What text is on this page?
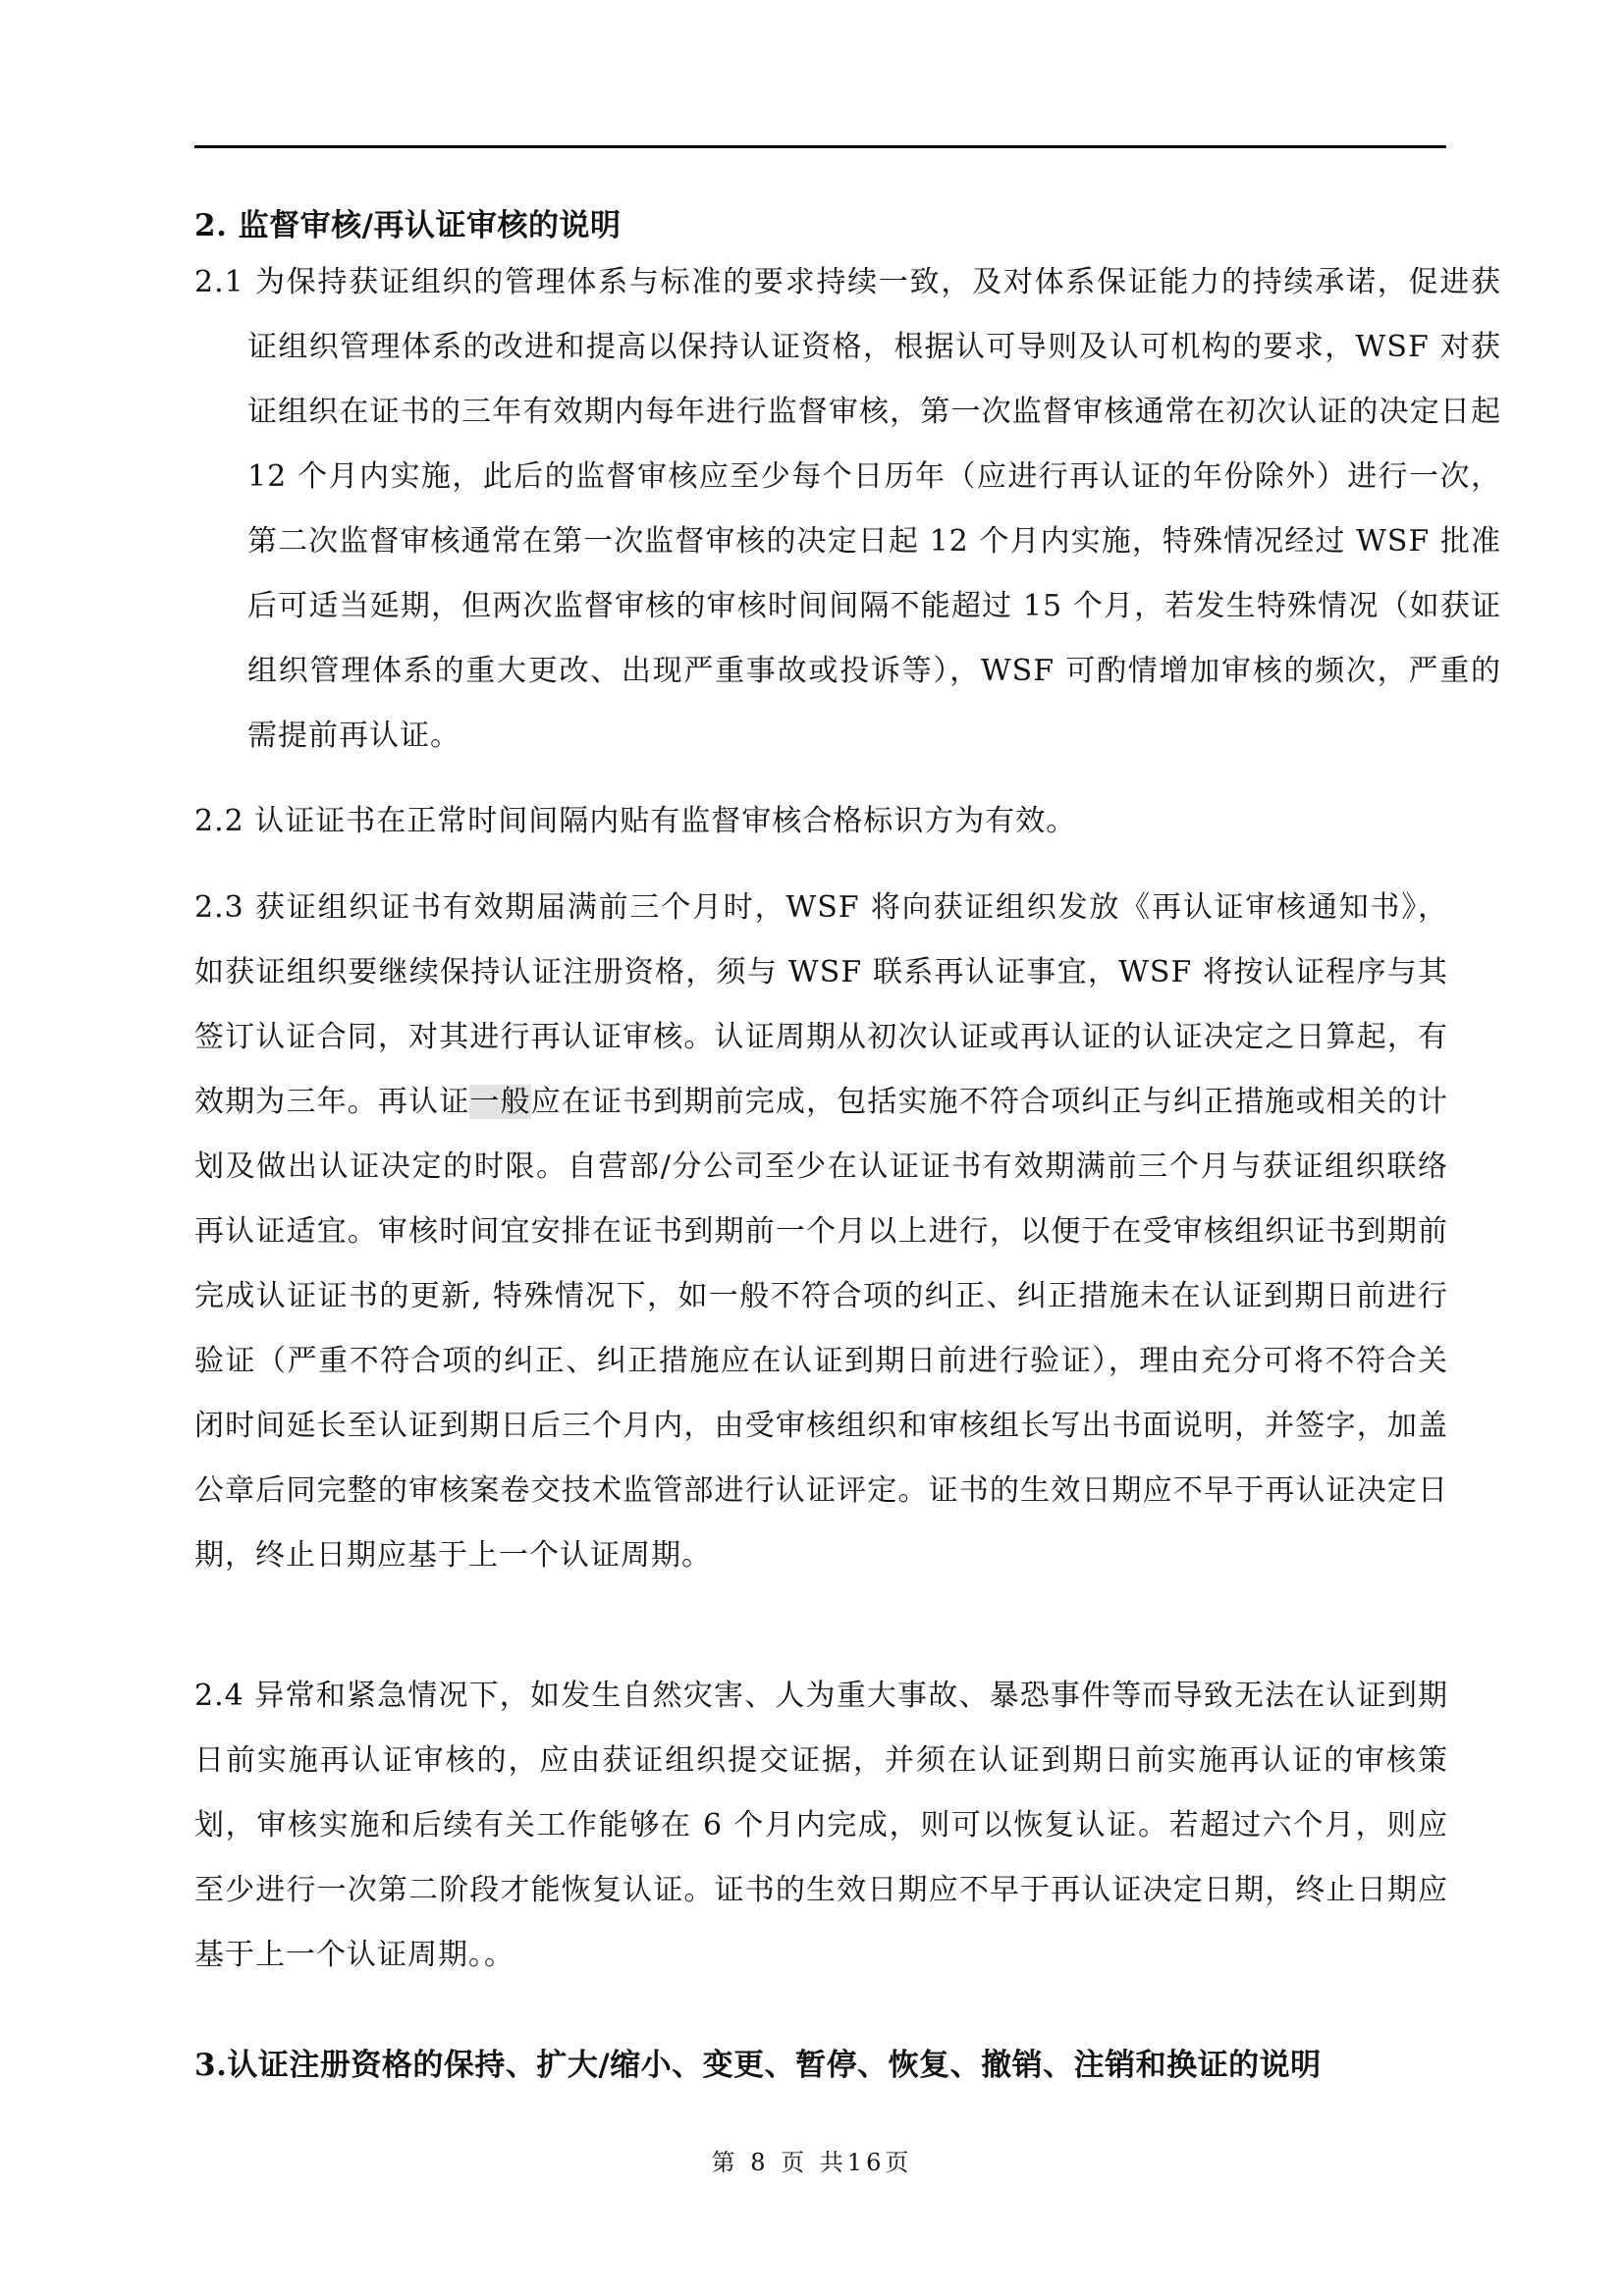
2. 监督审核/再认证审核的说明

2.1 为保持获证组织的管理体系与标准的要求持续一致，及对体系保证能力的持续承诺，促进获证组织管理体系的改进和提高以保持认证资格，根据认可导则及认可机构的要求，WSF 对获证组织在证书的三年有效期内每年进行监督审核，第一次监督审核通常在初次认证的决定日起 12 个月内实施，此后的监督审核应至少每个日历年（应进行再认证的年份除外）进行一次，第二次监督审核通常在第一次监督审核的决定日起 12 个月内实施，特殊情况经过 WSF 批准后可适当延期，但两次监督审核的审核时间间隔不能超过 15 个月，若发生特殊情况（如获证组织管理体系的重大更改、出现严重事故或投诉等），WSF 可酌情增加审核的频次，严重的需提前再认证。

2.2 认证证书在正常时间间隔内贴有监督审核合格标识方为有效。

2.3 获证组织证书有效期届满前三个月时，WSF 将向获证组织发放《再认证审核通知书》，如获证组织要继续保持认证注册资格，须与 WSF 联系再认证事宜，WSF 将按认证程序与其签订认证合同，对其进行再认证审核。认证周期从初次认证或再认证的认证决定之日算起，有效期为三年。再认证一般应在证书到期前完成，包括实施不符合项纠正与纠正措施或相关的计划及做出认证决定的时限。自营部/分公司至少在认证证书有效期满前三个月与获证组织联络再认证适宜。审核时间宜安排在证书到期前一个月以上进行，以便于在受审核组织证书到期前完成认证证书的更新, 特殊情况下，如一般不符合项的纠正、纠正措施未在认证到期日前进行验证（严重不符合项的纠正、纠正措施应在认证到期日前进行验证），理由充分可将不符合关闭时间延长至认证到期日后三个月内，由受审核组织和审核组长写出书面说明，并签字，加盖公章后同完整的审核案卷交技术监管部进行认证评定。证书的生效日期应不早于再认证决定日期，终止日期应基于上一个认证周期。

2.4 异常和紧急情况下，如发生自然灾害、人为重大事故、暴恐事件等而导致无法在认证到期日前实施再认证审核的，应由获证组织提交证据，并须在认证到期日前实施再认证的审核策划，审核实施和后续有关工作能够在 6 个月内完成，则可以恢复认证。若超过六个月，则应至少进行一次第二阶段才能恢复认证。证书的生效日期应不早于再认证决定日期，终止日期应基于上一个认证周期。。

3.认证注册资格的保持、扩大/缩小、变更、暂停、恢复、撤销、注销和换证的说明
第 8 页 共16页
